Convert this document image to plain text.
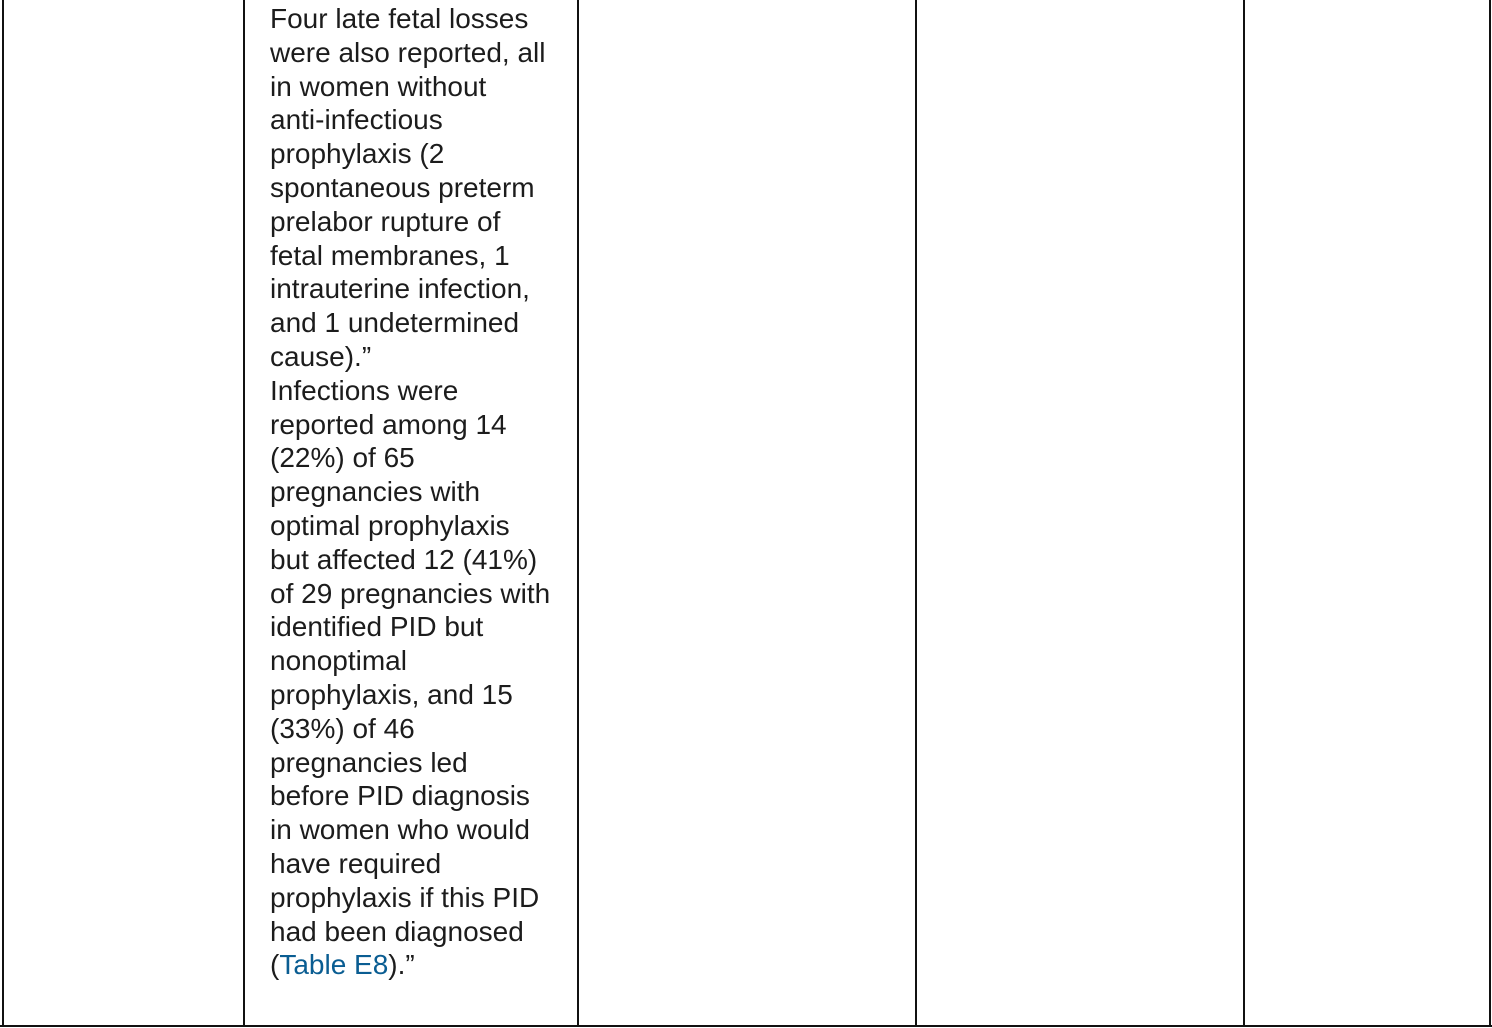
Four late fetal losses
were also reported, all
in women without
anti-infectious
prophylaxis (2
spontaneous preterm
prelabor rupture of
fetal membranes, 1
intrauterine infection,
and 1 undetermined
cause).”
Infections were
reported among 14
(22%) of 65
pregnancies with
optimal prophylaxis
but affected 12 (41%)
of 29 pregnancies with
identified PID but
nonoptimal
prophylaxis, and 15
(33%) of 46
pregnancies led
before PID diagnosis
in women who would
have required
prophylaxis if this PID
had been diagnosed
(Table E8).”
